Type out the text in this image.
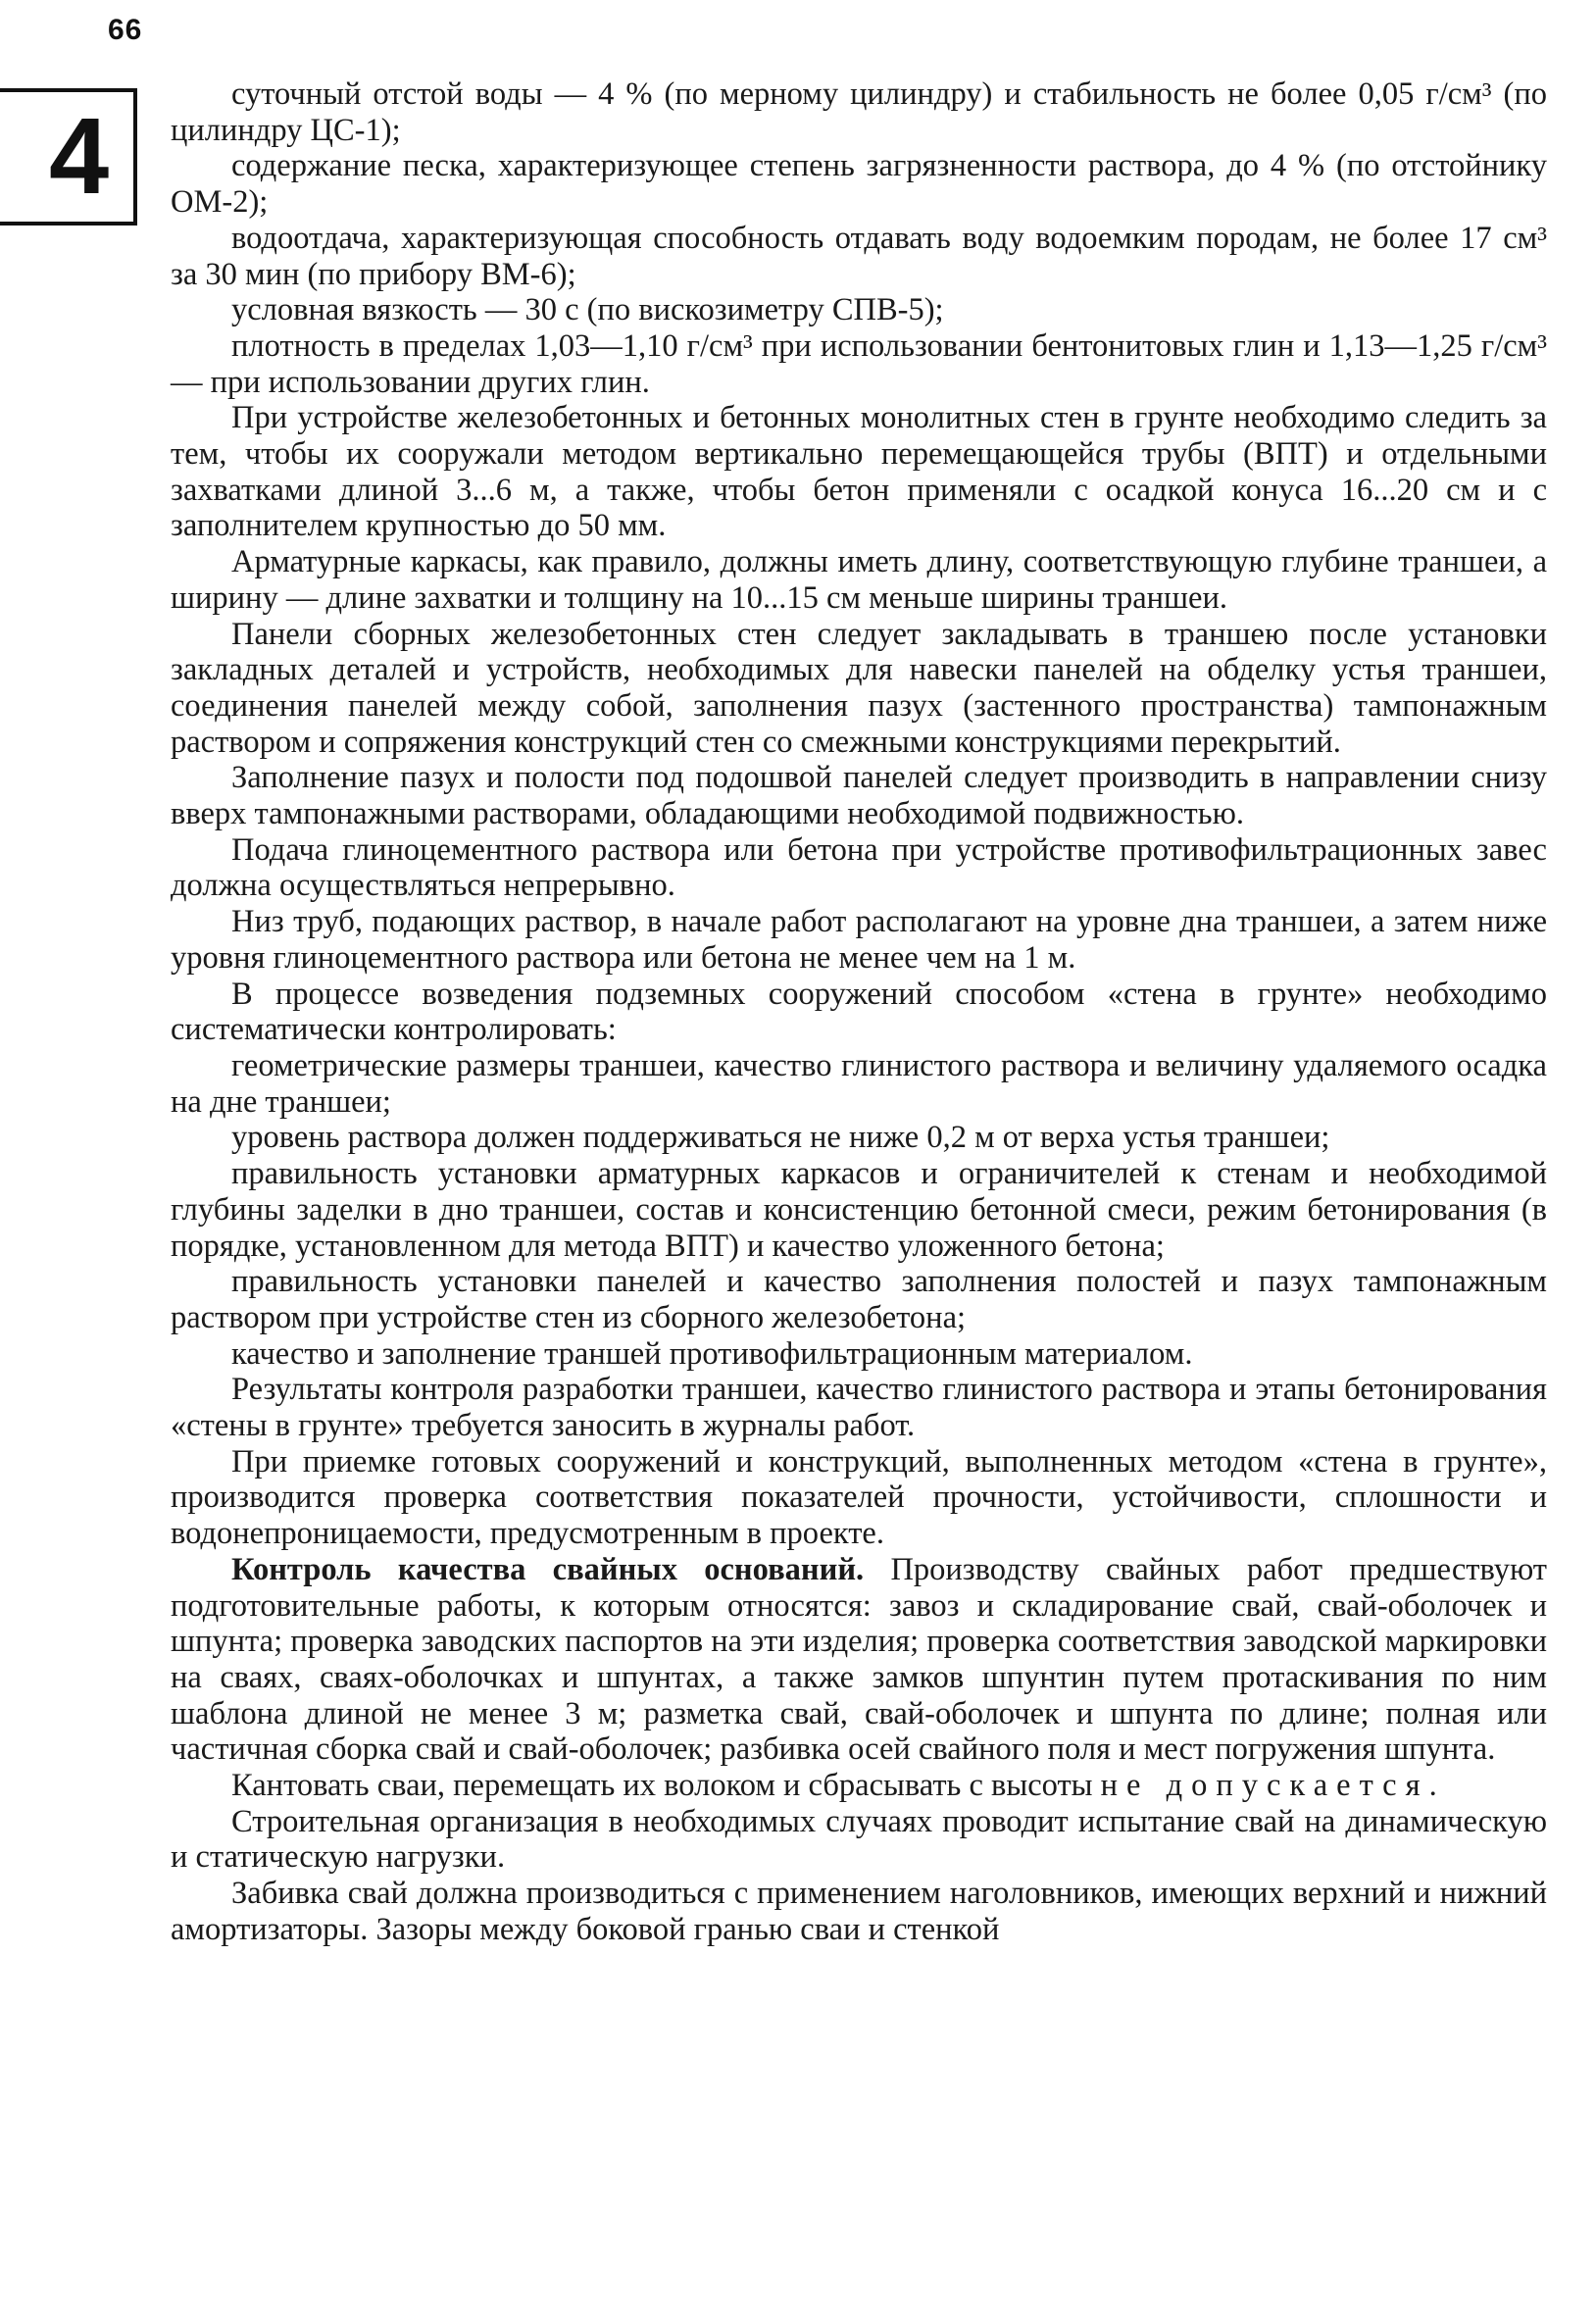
66
4

суточный отстой воды — 4 % (по мерному цилиндру) и стабильность не более 0,05 г/см³ (по цилиндру ЦС-1);

содержание песка, характеризующее степень загрязненности раствора, до 4 % (по отстойнику ОМ-2);

водоотдача, характеризующая способность отдавать воду водоемким породам, не более 17 см³ за 30 мин (по прибору ВМ-6);

условная вязкость — 30 с (по вискозиметру СПВ-5);

плотность в пределах 1,03—1,10 г/см³ при использовании бентонитовых глин и 1,13—1,25 г/см³ — при использовании других глин.

При устройстве железобетонных и бетонных монолитных стен в грунте необходимо следить за тем, чтобы их сооружали методом вертикально перемещающейся трубы (ВПТ) и отдельными захватками длиной 3...6 м, а также, чтобы бетон применяли с осадкой конуса 16...20 см и с заполнителем крупностью до 50 мм.

Арматурные каркасы, как правило, должны иметь длину, соответствующую глубине траншеи, а ширину — длине захватки и толщину на 10...15 см меньше ширины траншеи.

Панели сборных железобетонных стен следует закладывать в траншею после установки закладных деталей и устройств, необходимых для навески панелей на обделку устья траншеи, соединения панелей между собой, заполнения пазух (застенного пространства) тампонажным раствором и сопряжения конструкций стен со смежными конструкциями перекрытий.

Заполнение пазух и полости под подошвой панелей следует производить в направлении снизу вверх тампонажными растворами, обладающими необходимой подвижностью.

Подача глиноцементного раствора или бетона при устройстве противофильтрационных завес должна осуществляться непрерывно.

Низ труб, подающих раствор, в начале работ располагают на уровне дна траншеи, а затем ниже уровня глиноцементного раствора или бетона не менее чем на 1 м.

В процессе возведения подземных сооружений способом «стена в грунте» необходимо систематически контролировать:

геометрические размеры траншеи, качество глинистого раствора и величину удаляемого осадка на дне траншеи;

уровень раствора должен поддерживаться не ниже 0,2 м от верха устья траншеи;

правильность установки арматурных каркасов и ограничителей к стенам и необходимой глубины заделки в дно траншеи, состав и консистенцию бетонной смеси, режим бетонирования (в порядке, установленном для метода ВПТ) и качество уложенного бетона;

правильность установки панелей и качество заполнения полостей и пазух тампонажным раствором при устройстве стен из сборного железобетона;

качество и заполнение траншей противофильтрационным материалом.

Результаты контроля разработки траншеи, качество глинистого раствора и этапы бетонирования «стены в грунте» требуется заносить в журналы работ.

При приемке готовых сооружений и конструкций, выполненных методом «стена в грунте», производится проверка соответствия показателей прочности, устойчивости, сплошности и водонепроницаемости, предусмотренным в проекте.

Контроль качества свайных оснований. Производству свайных работ предшествуют подготовительные работы, к которым относятся: завоз и складирование свай, свай-оболочек и шпунта; проверка заводских паспортов на эти изделия; проверка соответствия заводской маркировки на сваях, сваях-оболочках и шпунтах, а также замков шпунтин путем протаскивания по ним шаблона длиной не менее 3 м; разметка свай, свай-оболочек и шпунта по длине; полная или частичная сборка свай и свай-оболочек; разбивка осей свайного поля и мест погружения шпунта.

Кантовать сваи, перемещать их волоком и сбрасывать с высоты не допускается.

Строительная организация в необходимых случаях проводит испытание свай на динамическую и статическую нагрузки.

Забивка свай должна производиться с применением наголовников, имеющих верхний и нижний амортизаторы. Зазоры между боковой гранью сваи и стенкой
